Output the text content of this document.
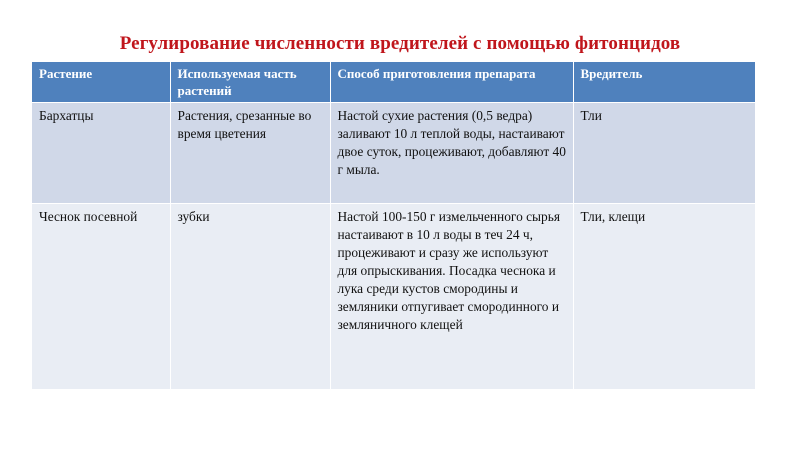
Регулирование численности вредителей с помощью фитонцидов
Растение	Используемая часть растений	Способ приготовления препарата	Вредитель
Бархатцы	Растения, срезанные во время цветения	Настой сухие растения (0,5 ведра) заливают 10 л теплой воды, настаивают двое суток, процеживают, добавляют 40 г мыла.	Тли
Чеснок посевной	зубки	Настой 100-150 г измельченного сырья настаивают в 10 л воды в теч 24 ч, процеживают и сразу же используют для опрыскивания. Посадка чеснока и лука среди кустов смородины и земляники отпугивает смородинного и земляничного клещей	Тли, клещи
